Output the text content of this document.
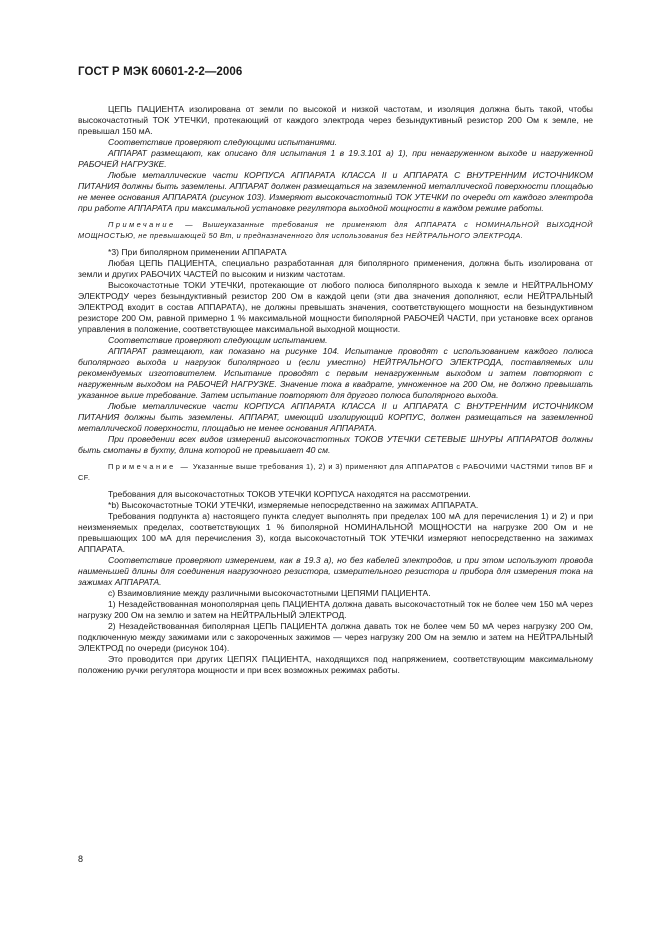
ГОСТ Р МЭК 60601-2-2—2006

ЦЕПЬ ПАЦИЕНТА изолирована от земли по высокой и низкой частотам, и изоляция должна быть такой, чтобы высокочастотный ТОК УТЕЧКИ, протекающий от каждого электрода через безындуктивный резистор 200 Ом к земле, не превышал 150 мА.

Соответствие проверяют следующими испытаниями.

АППАРАТ размещают, как описано для испытания 1 в 19.3.101 а) 1), при ненагруженном выходе и нагруженной РАБОЧЕЙ НАГРУЗКЕ.

Любые металлические части КОРПУСА АППАРАТА КЛАССА II и АППАРАТА С ВНУТРЕННИМ ИСТОЧНИКОМ ПИТАНИЯ должны быть заземлены. АППАРАТ должен размещаться на заземленной металлической поверхности площадью не менее основания АППАРАТА (рисунок 103). Измеряют высокочастотный ТОК УТЕЧКИ по очереди от каждого электрода при работе АППАРАТА при максимальной установке регулятора выходной мощности в каждом режиме работы.

Примечание — Вышеуказанные требования не применяют для АППАРАТА с НОМИНАЛЬНОЙ ВЫХОДНОЙ МОЩНОСТЬЮ, не превышающей 50 Вт, и предназначенного для использования без НЕЙТРАЛЬНОГО ЭЛЕКТРОДА.

*3) При биполярном применении АППАРАТА

Любая ЦЕПЬ ПАЦИЕНТА, специально разработанная для биполярного применения, должна быть изолирована от земли и других РАБОЧИХ ЧАСТЕЙ по высоким и низким частотам.

Высокочастотные ТОКИ УТЕЧКИ, протекающие от любого полюса биполярного выхода к земле и НЕЙТРАЛЬНОМУ ЭЛЕКТРОДУ через безындуктивный резистор 200 Ом в каждой цепи (эти два значения дополняют, если НЕЙТРАЛЬНЫЙ ЭЛЕКТРОД входит в состав АППАРАТА), не должны превышать значения, соответствующего мощности на безындуктивном резисторе 200 Ом, равной примерно 1 % максимальной мощности биполярной РАБОЧЕЙ ЧАСТИ, при установке всех органов управления в положение, соответствующее максимальной выходной мощности.

Соответствие проверяют следующим испытанием.

АППАРАТ размещают, как показано на рисунке 104. Испытание проводят с использованием каждого полюса биполярного выхода и нагрузок биполярного и (если уместно) НЕЙТРАЛЬНОГО ЭЛЕКТРОДА, поставляемых или рекомендуемых изготовителем. Испытание проводят с первым ненагруженным выходом и затем повторяют с нагруженным выходом на РАБОЧЕЙ НАГРУЗКЕ. Значение тока в квадрате, умноженное на 200 Ом, не должно превышать указанное выше требование. Затем испытание повторяют для другого полюса биполярного выхода.

Любые металлические части КОРПУСА АППАРАТА КЛАССА II и АППАРАТА С ВНУТРЕННИМ ИСТОЧНИКОМ ПИТАНИЯ должны быть заземлены. АППАРАТ, имеющий изолирующий КОРПУС, должен размещаться на заземленной металлической поверхности, площадью не менее основания АППАРАТА.

При проведении всех видов измерений высокочастотных ТОКОВ УТЕЧКИ СЕТЕВЫЕ ШНУРЫ АППАРАТОВ должны быть смотаны в бухту, длина которой не превышает 40 см.

Примечание — Указанные выше требования 1), 2) и 3) применяют для АППАРАТОВ с РАБОЧИМИ ЧАСТЯМИ типов BF и CF.

Требования для высокочастотных ТОКОВ УТЕЧКИ КОРПУСА находятся на рассмотрении.

*b) Высокочастотные ТОКИ УТЕЧКИ, измеряемые непосредственно на зажимах АППАРАТА.

Требования подпункта а) настоящего пункта следует выполнять при пределах 100 мА для перечисления 1) и 2) и при неизменяемых пределах, соответствующих 1 % биполярной НОМИНАЛЬНОЙ МОЩНОСТИ на нагрузке 200 Ом и не превышающих 100 мА для перечисления 3), когда высокочастотный ТОК УТЕЧКИ измеряют непосредственно на зажимах АППАРАТА.

Соответствие проверяют измерением, как в 19.3 а), но без кабелей электродов, и при этом используют провода наименьшей длины для соединения нагрузочного резистора, измерительного резистора и прибора для измерения тока на зажимах АППАРАТА.

с) Взаимовлияние между различными высокочастотными ЦЕПЯМИ ПАЦИЕНТА.

1) Незадействованная монополярная цепь ПАЦИЕНТА должна давать высокочастотный ток не более чем 150 мА через нагрузку 200 Ом на землю и затем на НЕЙТРАЛЬНЫЙ ЭЛЕКТРОД.

2) Незадействованная биполярная ЦЕПЬ ПАЦИЕНТА должна давать ток не более чем 50 мА через нагрузку 200 Ом, подключенную между зажимами или с закороченных зажимов — через нагрузку 200 Ом на землю и затем на НЕЙТРАЛЬНЫЙ ЭЛЕКТРОД по очереди (рисунок 104).

Это проводится при других ЦЕПЯХ ПАЦИЕНТА, находящихся под напряжением, соответствующим максимальному положению ручки регулятора мощности и при всех возможных режимах работы.

8
